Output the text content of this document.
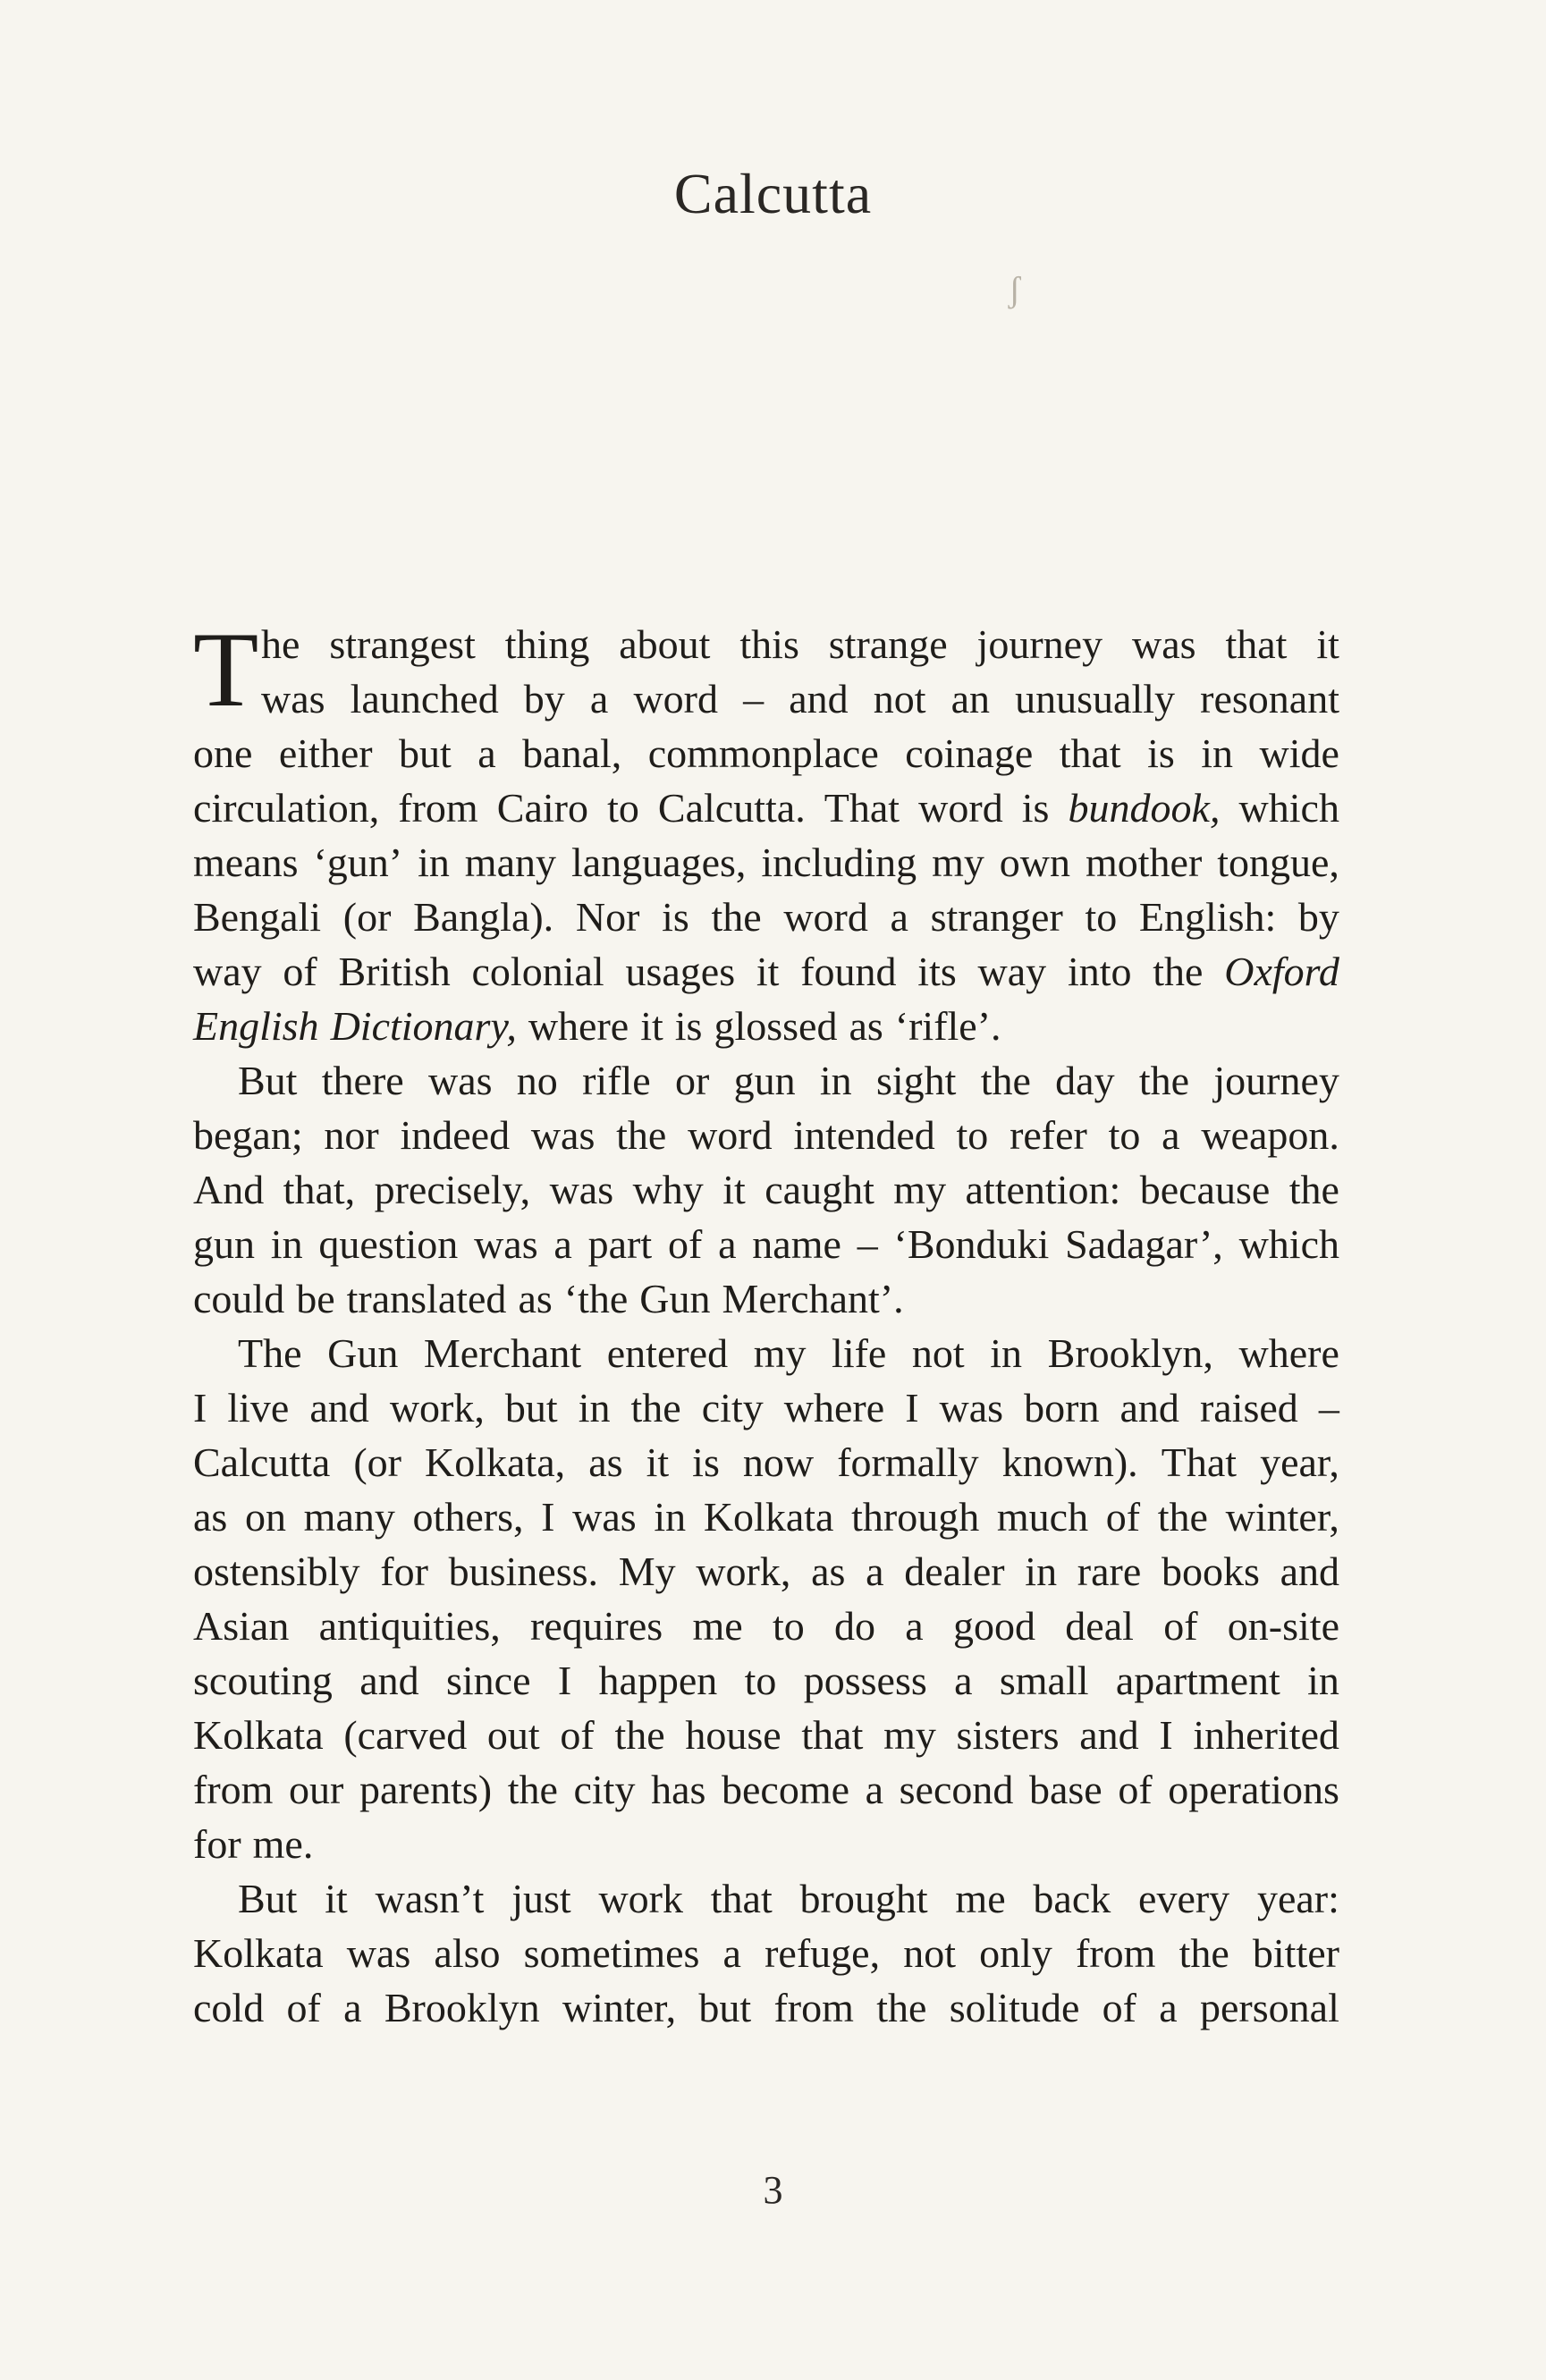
Calcutta
ʃ
T he strangest thing about this strange journey was that it
was launched by a word – and not an unusually resonant
one either but a banal, commonplace coinage that is in wide
circulation, from Cairo to Calcutta. That word is bundook, which
means ‘gun’ in many languages, including my own mother tongue,
Bengali (or Bangla). Nor is the word a stranger to English: by
way of British colonial usages it found its way into the Oxford
English Dictionary, where it is glossed as ‘rifle’.
But there was no rifle or gun in sight the day the journey
began; nor indeed was the word intended to refer to a weapon.
And that, precisely, was why it caught my attention: because the
gun in question was a part of a name – ‘Bonduki Sadagar’, which
could be translated as ‘the Gun Merchant’.
The Gun Merchant entered my life not in Brooklyn, where
I live and work, but in the city where I was born and raised –
Calcutta (or Kolkata, as it is now formally known). That year,
as on many others, I was in Kolkata through much of the winter,
ostensibly for business. My work, as a dealer in rare books and
Asian antiquities, requires me to do a good deal of on-site
scouting and since I happen to possess a small apartment in
Kolkata (carved out of the house that my sisters and I inherited
from our parents) the city has become a second base of operations
for me.
But it wasn’t just work that brought me back every year:
Kolkata was also sometimes a refuge, not only from the bitter
cold of a Brooklyn winter, but from the solitude of a personal
3
